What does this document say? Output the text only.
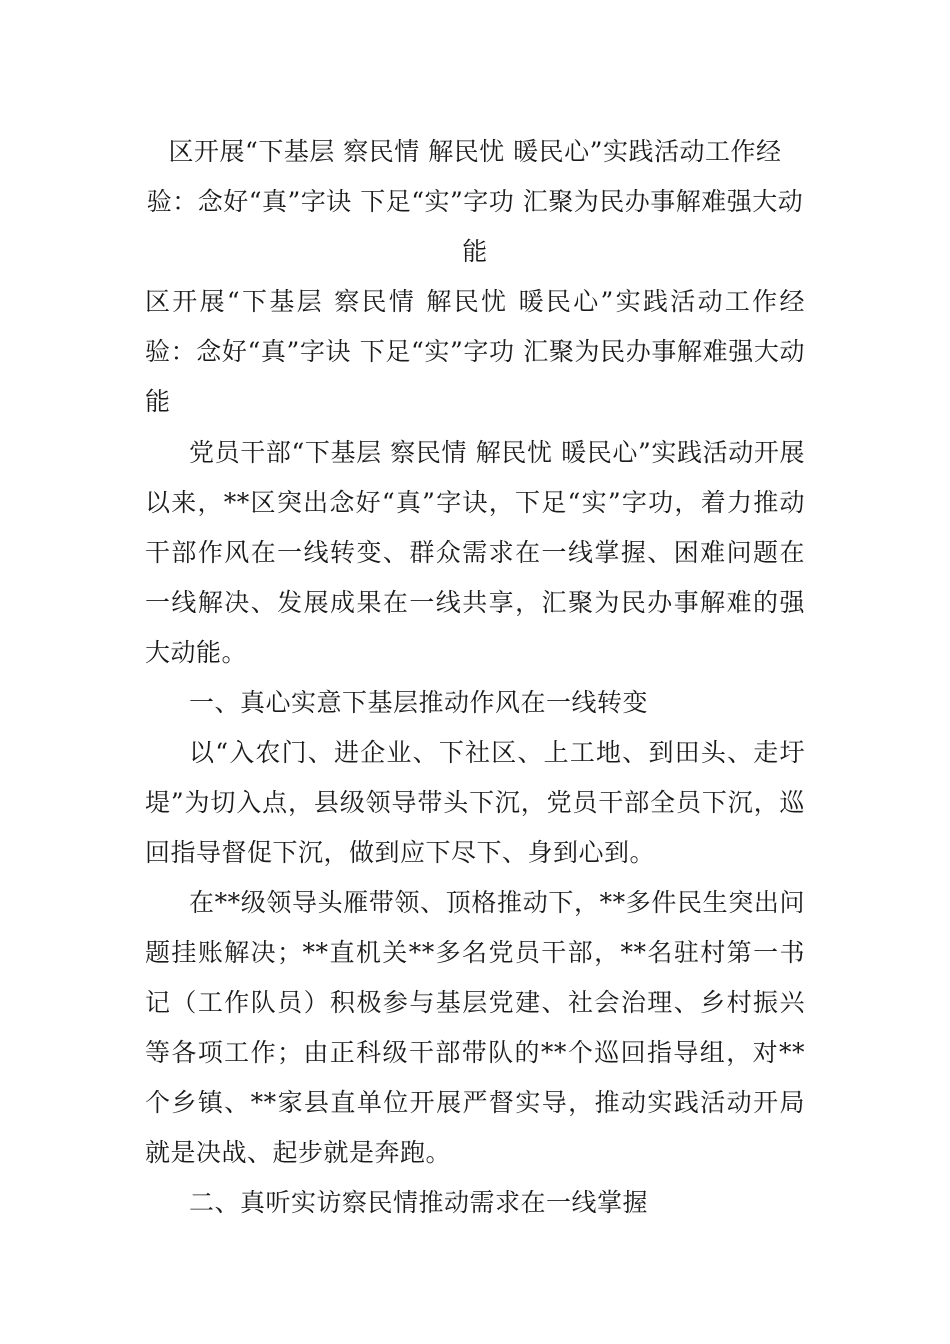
区开展“下基层 察民情 解民忧 暖民心”实践活动工作经验：念好“真”字诀 下足“实”字功 汇聚为民办事解难强大动能

区开展“下基层 察民情 解民忧 暖民心”实践活动工作经验：念好“真”字诀 下足“实”字功 汇聚为民办事解难强大动能

党员干部“下基层 察民情 解民忧 暖民心”实践活动开展以来，**区突出念好“真”字诀，下足“实”字功，着力推动干部作风在一线转变、群众需求在一线掌握、困难问题在一线解决、发展成果在一线共享，汇聚为民办事解难的强大动能。

一、真心实意下基层推动作风在一线转变

以“入农门、进企业、下社区、上工地、到田头、走圩堤”为切入点，县级领导带头下沉，党员干部全员下沉，巡回指导督促下沉，做到应下尽下、身到心到。

在**级领导头雁带领、顶格推动下，**多件民生突出问题挂账解决；**直机关**多名党员干部，**名驻村第一书记（工作队员）积极参与基层党建、社会治理、乡村振兴等各项工作；由正科级干部带队的**个巡回指导组，对**个乡镇、**家县直单位开展严督实导，推动实践活动开局就是决战、起步就是奔跑。

二、真听实访察民情推动需求在一线掌握
